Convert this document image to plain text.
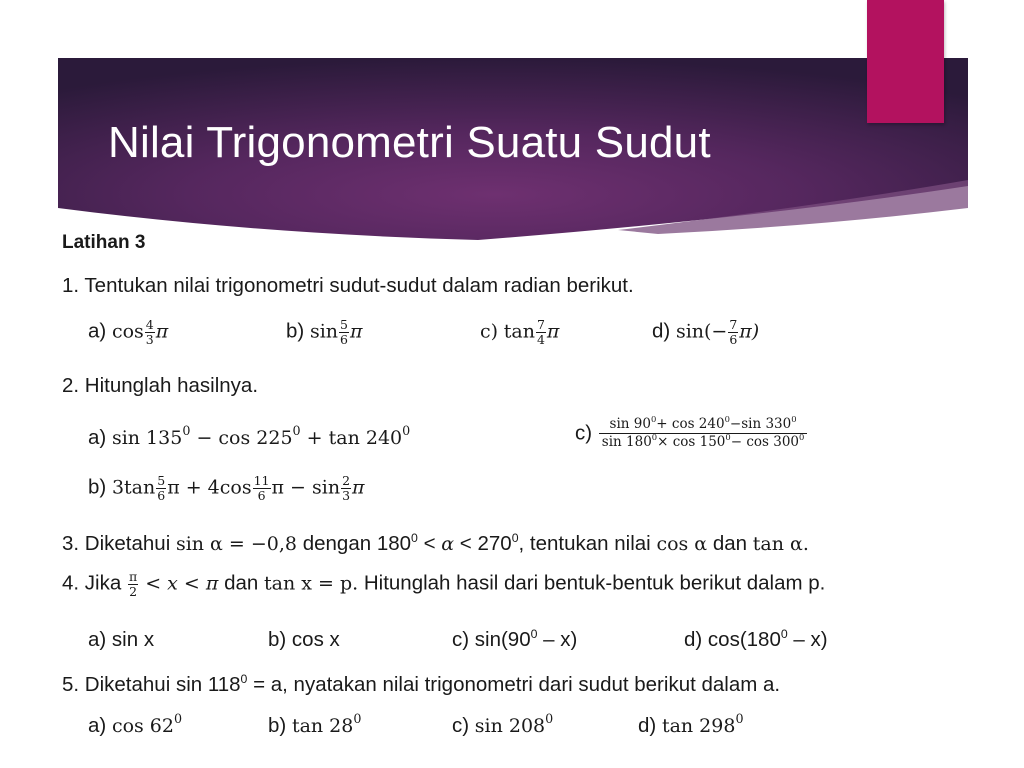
Nilai Trigonometri Suatu Sudut
Latihan 3
1. Tentukan nilai trigonometri sudut-sudut dalam radian berikut.
a) $\cos \frac{4}{3}$ π	b) $\sin \frac{5}{6}$ π	c) $\tan \frac{7}{4}$ π	d) $\sin(- \frac{7}{6} \pi)$
2. Hitunglah hasilnya.
a) $\sin 135^0 - \cos 225^0 + \tan 240^0$	$c) \frac{\sin 90^0+ \cos 240^0-\sin 330^0}{\sin 180^0\times \cos 150^0- \cos 300^0}$
b) $3\tan \frac{5}{6}$ $\pi + 4\cos \frac{11}{6}$ $\pi - \sin \frac{2}{3}$ π
3. Diketahui sin α = −0,8 dengan $180^0 < \alpha < 270^0$, tentukan nilai cos α dan tan α.
4. Jika $\frac{\pi}{2} < x < \pi$ dan tan x = p. Hitunglah hasil dari bentuk-bentuk berikut dalam p.
a) sin x	b) cos x	c) $\sin(90^0 - x)$	d) $\cos(180^0 - x)$
5. Diketahui $\sin 118^0 = a$, nyatakan nilai trigonometri dari sudut berikut dalam a.
a) $\cos 62^0$	b) $\tan 28^0$	c) $\sin 208^0$	d) $\tan 298^0$
